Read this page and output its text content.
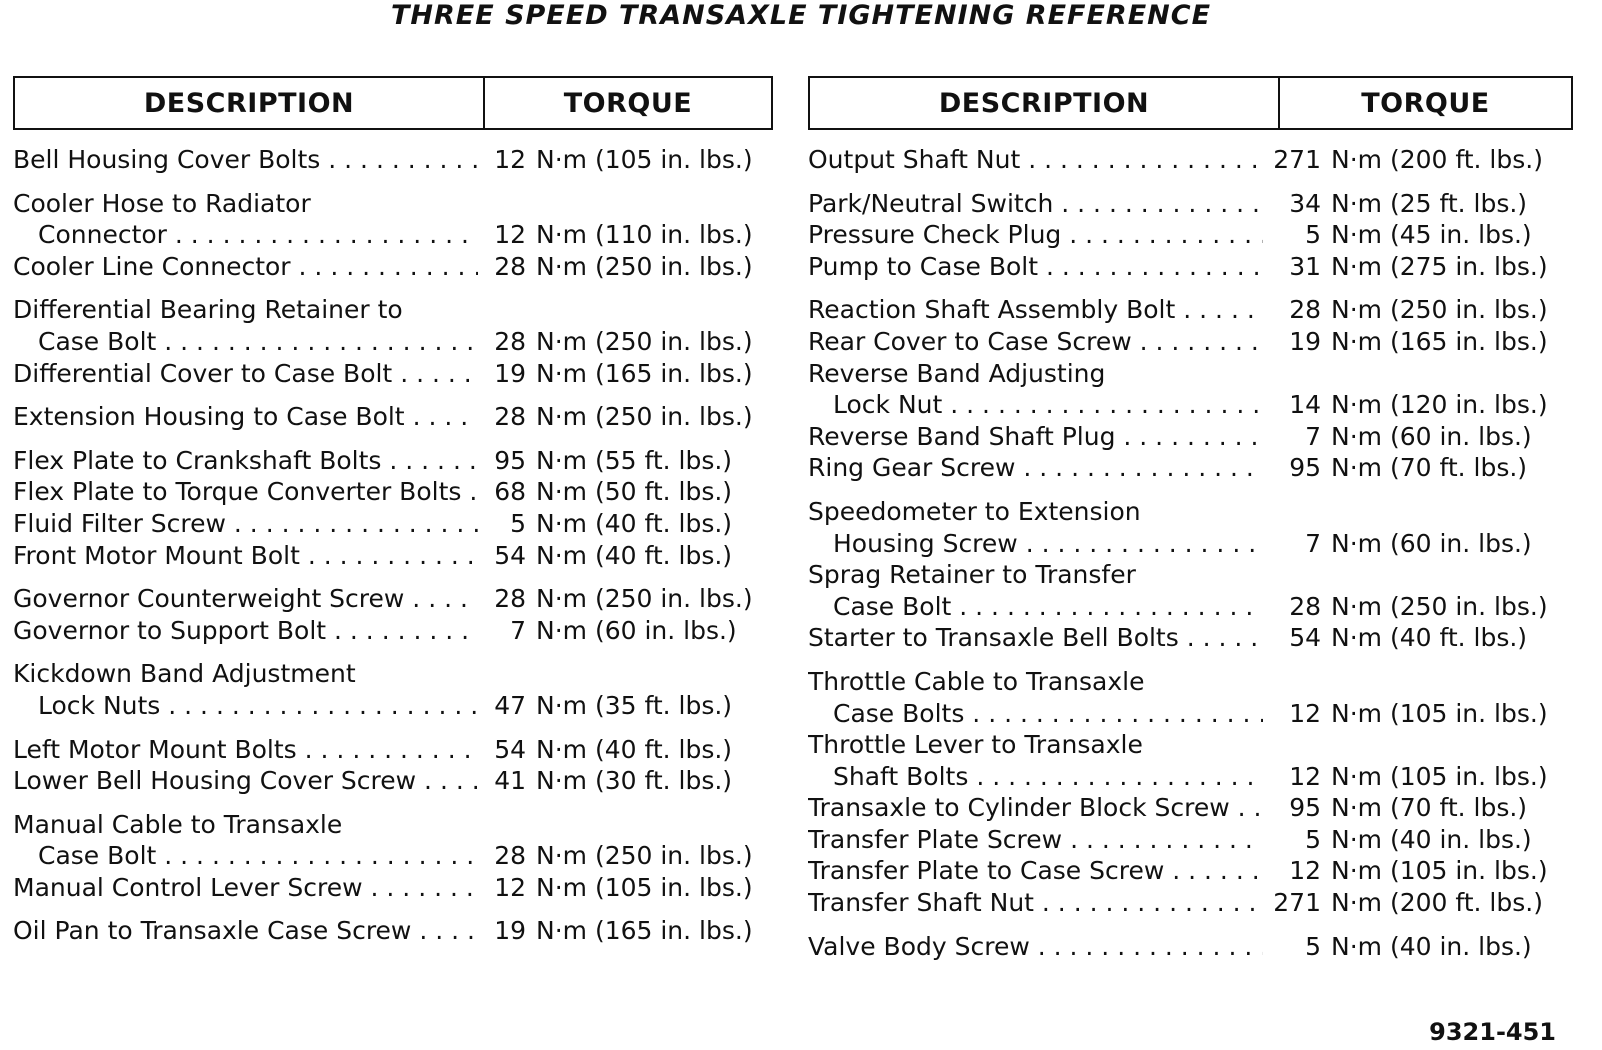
THREE SPEED TRANSAXLE TIGHTENING REFERENCE
DESCRIPTION	TORQUE
Bell Housing Cover Bolts . . .	12 N·m (105 in. lbs.)
Cooler Hose to Radiator
Connector . . .	12 N·m (110 in. lbs.)
Cooler Line Connector . . .	28 N·m (250 in. lbs.)
Differential Bearing Retainer to
Case Bolt . . .	28 N·m (250 in. lbs.)
Differential Cover to Case Bolt . . .	19 N·m (165 in. lbs.)
Extension Housing to Case Bolt . . .	28 N·m (250 in. lbs.)
Flex Plate to Crankshaft Bolts . . .	95 N·m (55 ft. lbs.)
Flex Plate to Torque Converter Bolts . . .	68 N·m (50 ft. lbs.)
Fluid Filter Screw . . .	5 N·m (40 ft. lbs.)
Front Motor Mount Bolt . . .	54 N·m (40 ft. lbs.)
Governor Counterweight Screw . . .	28 N·m (250 in. lbs.)
Governor to Support Bolt . . .	7 N·m (60 in. lbs.)
Kickdown Band Adjustment
Lock Nuts . . .	47 N·m (35 ft. lbs.)
Left Motor Mount Bolts . . .	54 N·m (40 ft. lbs.)
Lower Bell Housing Cover Screw . . .	41 N·m (30 ft. lbs.)
Manual Cable to Transaxle
Case Bolt . . .	28 N·m (250 in. lbs.)
Manual Control Lever Screw . . .	12 N·m (105 in. lbs.)
Oil Pan to Transaxle Case Screw . . .	19 N·m (165 in. lbs.)
DESCRIPTION	TORQUE
Output Shaft Nut . . .	271 N·m (200 ft. lbs.)
Park/Neutral Switch . . .	34 N·m (25 ft. lbs.)
Pressure Check Plug . . .	5 N·m (45 in. lbs.)
Pump to Case Bolt . . .	31 N·m (275 in. lbs.)
Reaction Shaft Assembly Bolt . . .	28 N·m (250 in. lbs.)
Rear Cover to Case Screw . . .	19 N·m (165 in. lbs.)
Reverse Band Adjusting
Lock Nut . . .	14 N·m (120 in. lbs.)
Reverse Band Shaft Plug . . .	7 N·m (60 in. lbs.)
Ring Gear Screw . . .	95 N·m (70 ft. lbs.)
Speedometer to Extension
Housing Screw . . .	7 N·m (60 in. lbs.)
Sprag Retainer to Transfer
Case Bolt . . .	28 N·m (250 in. lbs.)
Starter to Transaxle Bell Bolts . . .	54 N·m (40 ft. lbs.)
Throttle Cable to Transaxle
Case Bolts . . .	12 N·m (105 in. lbs.)
Throttle Lever to Transaxle
Shaft Bolts . . .	12 N·m (105 in. lbs.)
Transaxle to Cylinder Block Screw . . .	95 N·m (70 ft. lbs.)
Transfer Plate Screw . . .	5 N·m (40 in. lbs.)
Transfer Plate to Case Screw . . .	12 N·m (105 in. lbs.)
Transfer Shaft Nut . . .	271 N·m (200 ft. lbs.)
Valve Body Screw . . .	5 N·m (40 in. lbs.)
9321-451
